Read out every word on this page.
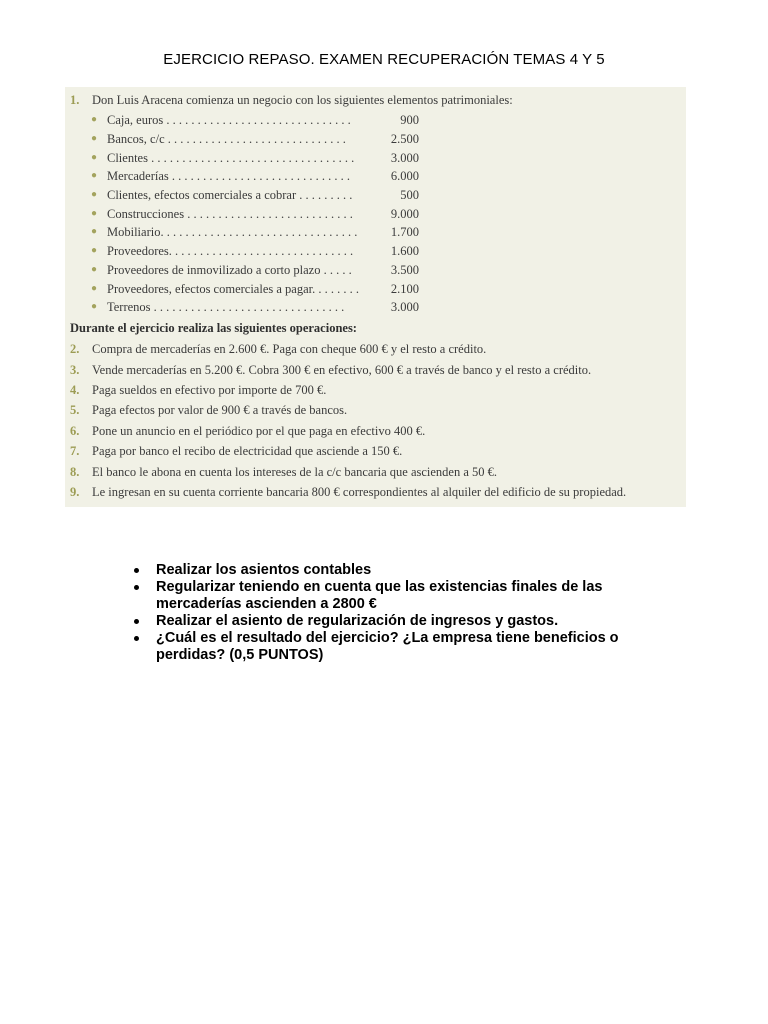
EJERCICIO REPASO. EXAMEN RECUPERACIÓN TEMAS 4 Y 5
1. Don Luis Aracena comienza un negocio con los siguientes elementos patrimoniales:
● Caja, euros . . . . . . . . . . . . . . . . . . . . . . . . . . . . . .	900
● Bancos, c/c . . . . . . . . . . . . . . . . . . . . . . . . . . . . .	2.500
● Clientes . . . . . . . . . . . . . . . . . . . . . . . . . . . . . . . . .	3.000
● Mercaderías . . . . . . . . . . . . . . . . . . . . . . . . . . . . .	6.000
● Clientes, efectos comerciales a cobrar . . . . . . . . .	500
● Construcciones . . . . . . . . . . . . . . . . . . . . . . . . . . .	9.000
● Mobiliario. . . . . . . . . . . . . . . . . . . . . . . . . . . . . . . .	1.700
● Proveedores. . . . . . . . . . . . . . . . . . . . . . . . . . . . . .	1.600
● Proveedores de inmovilizado a corto plazo . . . . .	3.500
● Proveedores, efectos comerciales a pagar. . . . . . . .	2.100
● Terrenos . . . . . . . . . . . . . . . . . . . . . . . . . . . . . . .	3.000
Durante el ejercicio realiza las siguientes operaciones:
2. Compra de mercaderías en 2.600 €. Paga con cheque 600 € y el resto a crédito.
3. Vende mercaderías en 5.200 €. Cobra 300 € en efectivo, 600 € a través de banco y el resto a crédito.
4. Paga sueldos en efectivo por importe de 700 €.
5. Paga efectos por valor de 900 € a través de bancos.
6. Pone un anuncio en el periódico por el que paga en efectivo 400 €.
7. Paga por banco el recibo de electricidad que asciende a 150 €.
8. El banco le abona en cuenta los intereses de la c/c bancaria que ascienden a 50 €.
9. Le ingresan en su cuenta corriente bancaria 800 € correspondientes al alquiler del edificio de su propiedad.
Realizar los asientos contables
Regularizar teniendo en cuenta que las existencias finales de las mercaderías ascienden a 2800 €
Realizar el asiento de regularización de ingresos y gastos.
¿Cuál es el resultado del ejercicio? ¿La empresa tiene beneficios o perdidas? (0,5 PUNTOS)
